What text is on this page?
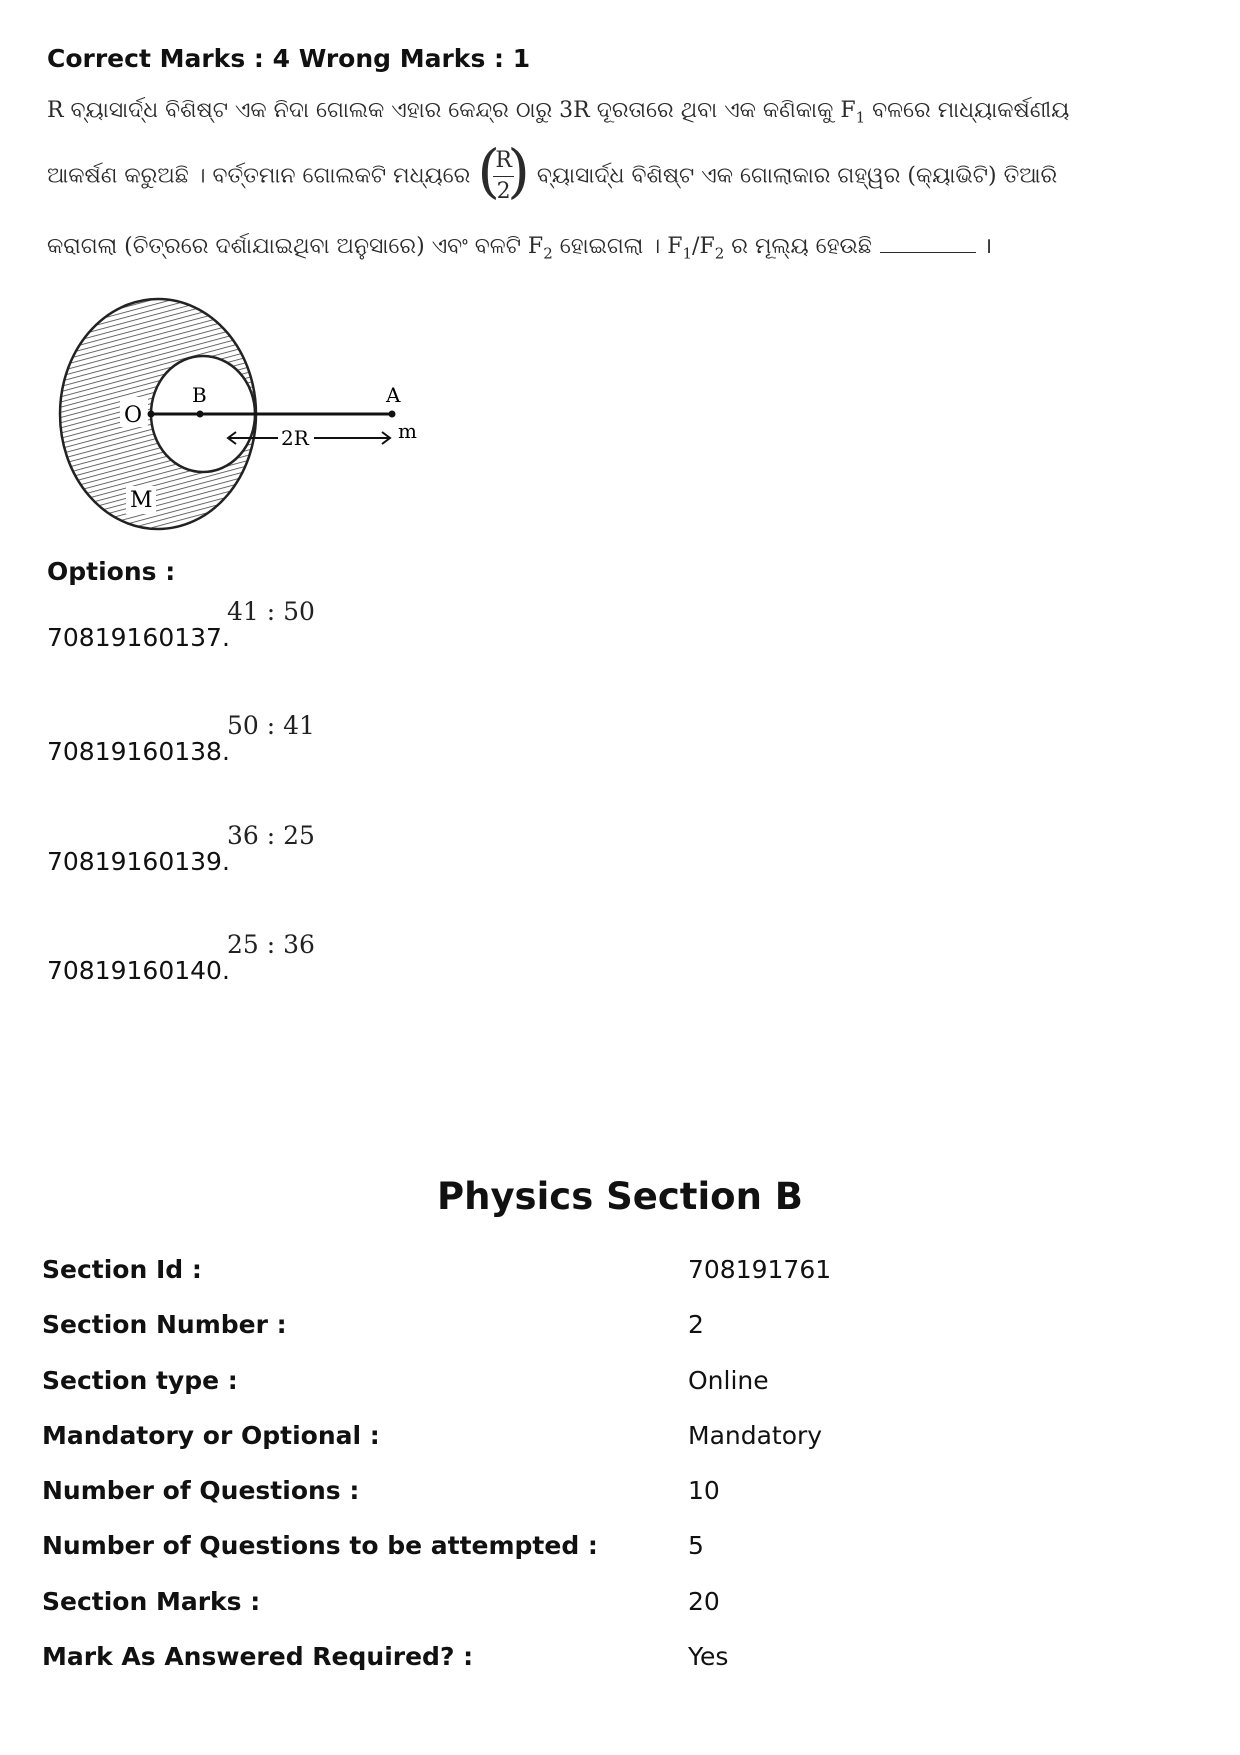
Correct Marks : 4 Wrong Marks : 1
R ବ୍ୟାସାର୍ଦ୍ଧ ବିଶିଷ୍ଟ ଏକ ନିଦା ଗୋଲକ ଏହାର କେନ୍ଦ୍ର ଠାରୁ 3R ଦୂରତାରେ ଥିବା ଏକ କଣିକାକୁ $F_1$ ବଳରେ ମାଧ୍ୟାକର୍ଷଣୀୟ
ଆକର୍ଷଣ କରୁଅଛି । ବର୍ତ୍ତମାନ ଗୋଲକଟି ମଧ୍ୟରେ (
R
2
) ବ୍ୟାସାର୍ଦ୍ଧ ବିଶିଷ୍ଟ ଏକ ଗୋଲାକାର ଗହ୍ୱର (କ୍ୟାଭିଟି) ତିଆରି
କରାଗଲା (ଚିତ୍ରରେ ଦର୍ଶାଯାଇଥିବା ଅନୁସାରେ) ଏବଂ ବଳଟି $F_2$ ହୋଇଗଲା । $F_1/F_2$ ର ମୂଲ୍ୟ ହେଉଛି	।
O
B	A
M
m
2R
Options :
70819160137.
41 : 50
70819160138.
50 : 41
70819160139.
36 : 25
70819160140.
25 : 36
Physics Section B
Section Id :	708191761
Section Number :	2
Section type :	Online
Mandatory or Optional :	Mandatory
Number of Questions :	10
Number of Questions to be attempted :	5
Section Marks :	20
Mark As Answered Required? :	Yes
